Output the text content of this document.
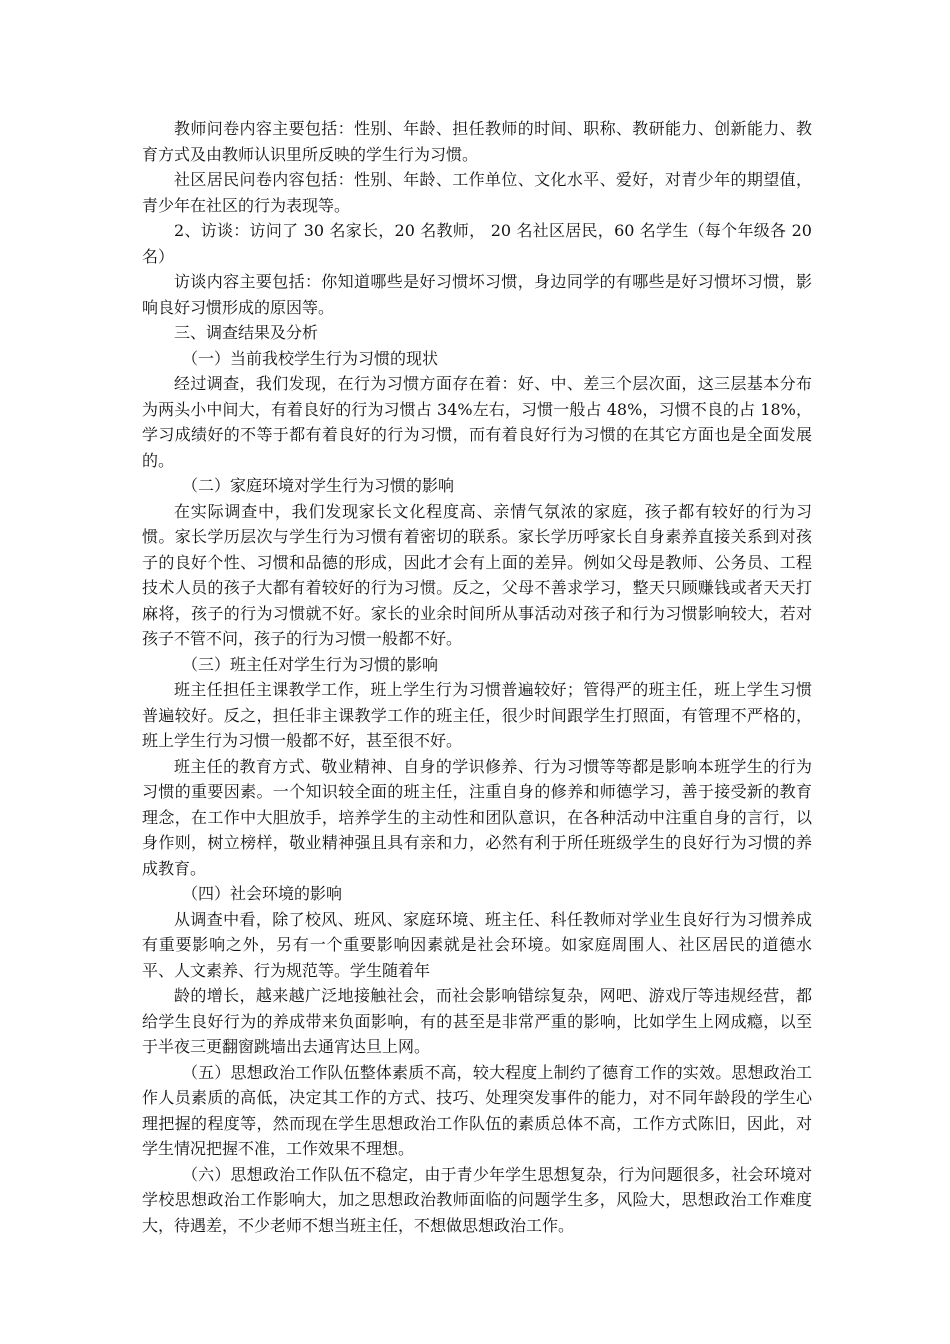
教师问卷内容主要包括：性别、年龄、担任教师的时间、职称、教研能力、创新能力、教育方式及由教师认识里所反映的学生行为习惯。

社区居民问卷内容包括：性别、年龄、工作单位、文化水平、爱好，对青少年的期望值，青少年在社区的行为表现等。

2、访谈：访问了 30 名家长，20 名教师， 20 名社区居民，60 名学生（每个年级各 20 名）

访谈内容主要包括：你知道哪些是好习惯坏习惯，身边同学的有哪些是好习惯坏习惯，影响良好习惯形成的原因等。

三、调查结果及分析

（一）当前我校学生行为习惯的现状

经过调查，我们发现，在行为习惯方面存在着：好、中、差三个层次面，这三层基本分布为两头小中间大，有着良好的行为习惯占 34%左右，习惯一般占 48%，习惯不良的占 18%，学习成绩好的不等于都有着良好的行为习惯，而有着良好行为习惯的在其它方面也是全面发展的。

（二）家庭环境对学生行为习惯的影响

在实际调查中，我们发现家长文化程度高、亲情气氛浓的家庭，孩子都有较好的行为习惯。家长学历层次与学生行为习惯有着密切的联系。家长学历呼家长自身素养直接关系到对孩子的良好个性、习惯和品德的形成，因此才会有上面的差异。例如父母是教师、公务员、工程技术人员的孩子大都有着较好的行为习惯。反之，父母不善求学习，整天只顾赚钱或者天天打麻将，孩子的行为习惯就不好。家长的业余时间所从事活动对孩子和行为习惯影响较大，若对孩子不管不问，孩子的行为习惯一般都不好。

（三）班主任对学生行为习惯的影响

班主任担任主课教学工作，班上学生行为习惯普遍较好；管得严的班主任，班上学生习惯普遍较好。反之，担任非主课教学工作的班主任，很少时间跟学生打照面，有管理不严格的，班上学生行为习惯一般都不好，甚至很不好。

班主任的教育方式、敬业精神、自身的学识修养、行为习惯等等都是影响本班学生的行为习惯的重要因素。一个知识较全面的班主任，注重自身的修养和师德学习，善于接受新的教育理念，在工作中大胆放手，培养学生的主动性和团队意识，在各种活动中注重自身的言行，以身作则，树立榜样，敬业精神强且具有亲和力，必然有利于所任班级学生的良好行为习惯的养成教育。

（四）社会环境的影响

从调查中看，除了校风、班风、家庭环境、班主任、科任教师对学业生良好行为习惯养成有重要影响之外，另有一个重要影响因素就是社会环境。如家庭周围人、社区居民的道德水平、人文素养、行为规范等。学生随着年

龄的增长，越来越广泛地接触社会，而社会影响错综复杂，网吧、游戏厅等违规经营，都给学生良好行为的养成带来负面影响，有的甚至是非常严重的影响，比如学生上网成瘾，以至于半夜三更翻窗跳墙出去通宵达旦上网。

（五）思想政治工作队伍整体素质不高，较大程度上制约了德育工作的实效。思想政治工作人员素质的高低，决定其工作的方式、技巧、处理突发事件的能力，对不同年龄段的学生心理把握的程度等，然而现在学生思想政治工作队伍的素质总体不高，工作方式陈旧，因此，对学生情况把握不准，工作效果不理想。

（六）思想政治工作队伍不稳定，由于青少年学生思想复杂，行为问题很多，社会环境对学校思想政治工作影响大，加之思想政治教师面临的问题学生多，风险大，思想政治工作难度大，待遇差，不少老师不想当班主任，不想做思想政治工作。
